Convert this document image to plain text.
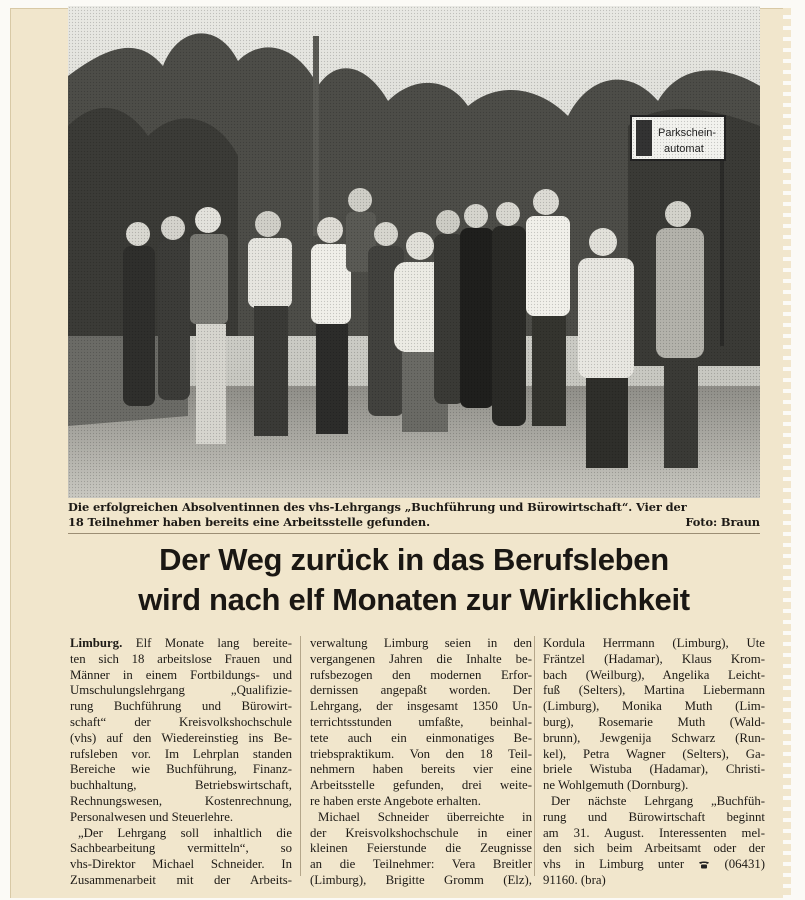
Die erfolgreichen Absolventinnen des vhs-Lehrgangs „Buchführung und Bürowirtschaft“. Vier der
18 Teilnehmer haben bereits eine Arbeitsstelle gefunden.	Foto: Braun
Der Weg zurück in das Berufsleben
wird nach elf Monaten zur Wirklichkeit
Limburg. Elf Monate lang bereite-
ten sich 18 arbeitslose Frauen und
Männer in einem Fortbildungs- und
Umschulungslehrgang „Qualifizie-
rung Buchführung und Bürowirt-
schaft“ der Kreisvolkshochschule
(vhs) auf den Wiedereinstieg ins Be-
rufsleben vor. Im Lehrplan standen
Bereiche wie Buchführung, Finanz-
buchhaltung, Betriebswirtschaft,
Rechnungswesen, Kostenrechnung,
Personalwesen und Steuerlehre.
„Der Lehrgang soll inhaltlich die
Sachbearbeitung vermitteln“, so
vhs-Direktor Michael Schneider. In
Zusammenarbeit mit der Arbeits-
verwaltung Limburg seien in den
vergangenen Jahren die Inhalte be-
rufsbezogen den modernen Erfor-
dernissen angepaßt worden. Der
Lehrgang, der insgesamt 1350 Un-
terrichtsstunden umfaßte, beinhal-
tete auch ein einmonatiges Be-
triebspraktikum. Von den 18 Teil-
nehmern haben bereits vier eine
Arbeitsstelle gefunden, drei weite-
re haben erste Angebote erhalten.
Michael Schneider überreichte in
der Kreisvolkshochschule in einer
kleinen Feierstunde die Zeugnisse
an die Teilnehmer: Vera Breitler
(Limburg), Brigitte Gromm (Elz),
Kordula Herrmann (Limburg), Ute
Fräntzel (Hadamar), Klaus Krom-
bach (Weilburg), Angelika Leicht-
fuß (Selters), Martina Liebermann
(Limburg), Monika Muth (Lim-
burg), Rosemarie Muth (Wald-
brunn), Jewgenija Schwarz (Run-
kel), Petra Wagner (Selters), Ga-
briele Wistuba (Hadamar), Christi-
ne Wohlgemuth (Dornburg).
Der nächste Lehrgang „Buchfüh-
rung und Bürowirtschaft beginnt
am 31. August. Interessenten mel-
den sich beim Arbeitsamt oder der
vhs in Limburg unter	(06431)
91160. (bra)
